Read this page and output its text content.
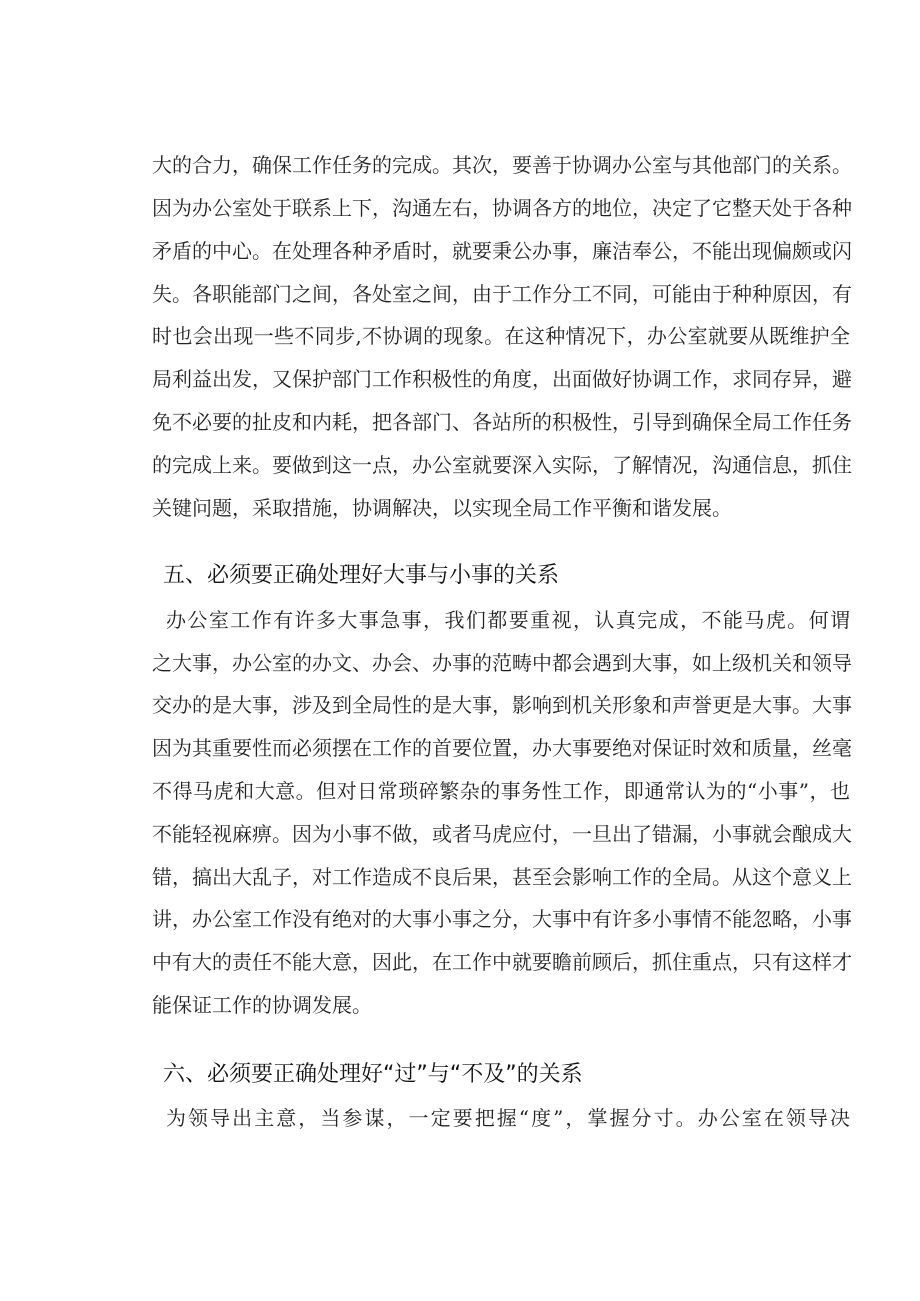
大的合力，确保工作任务的完成。其次，要善于协调办公室与其他部门的关系。
因为办公室处于联系上下，沟通左右，协调各方的地位，决定了它整天处于各种
矛盾的中心。在处理各种矛盾时，就要秉公办事，廉洁奉公，不能出现偏颇或闪
失。各职能部门之间，各处室之间，由于工作分工不同，可能由于种种原因，有
时也会出现一些不同步,不协调的现象。在这种情况下，办公室就要从既维护全
局利益出发，又保护部门工作积极性的角度，出面做好协调工作，求同存异，避
免不必要的扯皮和内耗，把各部门、各站所的积极性，引导到确保全局工作任务
的完成上来。要做到这一点，办公室就要深入实际，了解情况，沟通信息，抓住
关键问题，采取措施，协调解决，以实现全局工作平衡和谐发展。
五、必须要正确处理好大事与小事的关系
办公室工作有许多大事急事，我们都要重视，认真完成，不能马虎。何谓
之大事，办公室的办文、办会、办事的范畴中都会遇到大事，如上级机关和领导
交办的是大事，涉及到全局性的是大事，影响到机关形象和声誉更是大事。大事
因为其重要性而必须摆在工作的首要位置，办大事要绝对保证时效和质量，丝毫
不得马虎和大意。但对日常琐碎繁杂的事务性工作，即通常认为的“小事”，也
不能轻视麻痹。因为小事不做，或者马虎应付，一旦出了错漏，小事就会酿成大
错，搞出大乱子，对工作造成不良后果，甚至会影响工作的全局。从这个意义上
讲，办公室工作没有绝对的大事小事之分，大事中有许多小事情不能忽略，小事
中有大的责任不能大意，因此，在工作中就要瞻前顾后，抓住重点，只有这样才
能保证工作的协调发展。
六、必须要正确处理好“过”与“不及”的关系
为领导出主意，当参谋，一定要把握“度”，掌握分寸。办公室在领导决
